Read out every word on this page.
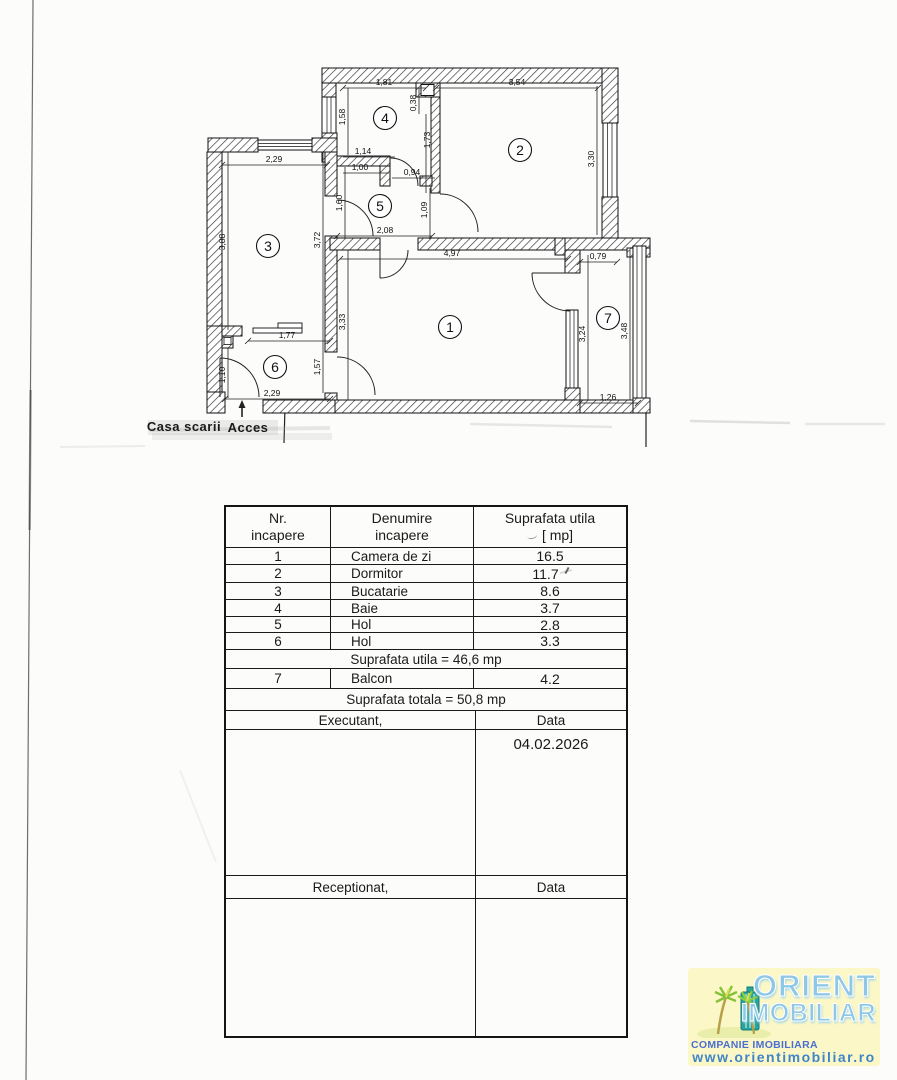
1,81	3,54
2,29
1,14
1,00	0,94
2,08
4,97	0,79
1,77
2,29	1,26
1,58
0,38
1,73
3,30
3,88	3,72
1,60	1,09
3,33
3,24	3,48
1,57
1,10
1
2
3
4
5
6
7
Casa scarii Acces
Nr.
incapere
Denumire
incapere
Suprafata utila
[ mp]
1	Camera de zi	16.5
2	Dormitor	11.7
3	Bucatarie	8.6
4	Baie	3.7
5	Hol	2.8
6	Hol	3.3
Suprafata utila = 46,6 mp
7	Balcon	4.2
Suprafata totala = 50,8 mp
Executant,	Data
04.02.2026
Receptionat,	Data
ORIENT
IMOBILIAR
COMPANIE IMOBILIARA
www.orientimobiliar.ro
